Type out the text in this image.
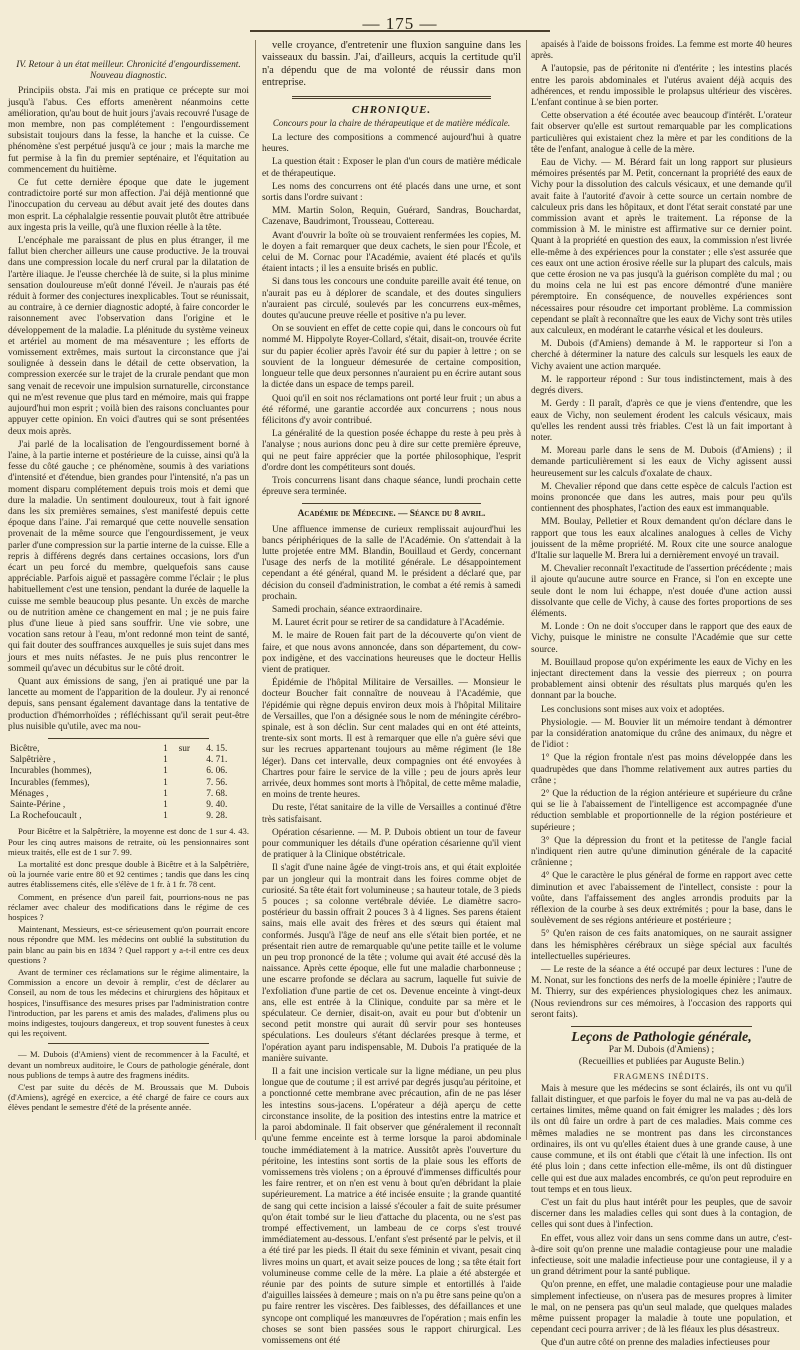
— 175 —

IV. Retour à un état meilleur. Chronicité d'engourdissement. Nouveau diagnostic.

Principiis obsta. J'ai mis en pratique ce précepte sur moi jusqu'à l'abus. Ces efforts amenèrent néanmoins cette amélioration, qu'au bout de huit jours j'avais recouvré l'usage de mon membre, non pas complétement : l'engourdissement subsistait toujours dans la fesse, la hanche et la cuisse. Ce phénomène s'est perpétué jusqu'à ce jour ; mais la marche me fut permise à la fin du premier septénaire, et l'équitation au commencement du huitième.

Ce fut cette dernière époque que date le jugement contradictoire porté sur mon affection. J'ai déjà mentionné que l'inoccupation du cerveau au début avait jeté des doutes dans mon esprit. La céphalalgie ressentie pouvait plutôt être attribuée aux ingesta pris la veille, qu'à une fluxion réelle à la tête.

L'encéphale me paraissant de plus en plus étranger, il me fallut bien chercher ailleurs une cause productive. Je la trouvai dans une compression locale du nerf crural par la dilatation de l'artère iliaque. Je l'eusse cherchée là de suite, si la plus minime sensation douloureuse m'eût donné l'éveil. Je n'aurais pas été réduit à former des conjectures inexplicables. Tout se réunissait, au contraire, à ce dernier diagnostic adopté, à faire concorder le raisonnement avec l'observation dans l'origine et le développement de la maladie. La plénitude du système veineux et artériel au moment de ma mésaventure ; les efforts de vomissement extrêmes, mais surtout la circonstance que j'ai soulignée à dessein dans le détail de cette observation, la compression exercée sur le trajet de la crurale pendant que mon sang venait de recevoir une impulsion surnaturelle, circonstance qui ne m'est revenue que plus tard en mémoire, mais qui frappe aujourd'hui mon esprit ; voilà bien des raisons concluantes pour appuyer cette opinion. En voici d'autres qui se sont présentées deux mois après.

J'ai parlé de la localisation de l'engourdissement borné à l'aine, à la partie interne et postérieure de la cuisse, ainsi qu'à la fesse du côté gauche ; ce phénomène, soumis à des variations d'intensité et d'étendue, bien grandes pour l'intensité, n'a pas un moment disparu complétement depuis trois mois et demi que dure la maladie. Un sentiment douloureux, tout à fait ignoré dans les six premières semaines, s'est manifesté depuis cette époque dans l'aine. J'ai remarqué que cette nouvelle sensation provenait de la même source que l'engourdissement, je veux parler d'une compression sur la partie interne de la cuisse. Elle a repris à différens degrés dans certaines occasions, lors d'un écart un peu forcé du membre, quelquefois sans cause appréciable. Parfois aiguë et passagère comme l'éclair ; le plus habituellement c'est une tension, pendant la durée de laquelle la cuisse me semble beaucoup plus pesante. Un excès de marche ou de nutrition amène ce changement en mal ; je ne puis faire plus d'une lieue à pied sans souffrir. Une vie sobre, une vocation sans retour à l'eau, m'ont redonné mon teint de santé, qui fait douter des souffrances auxquelles je suis sujet dans mes jours et mes nuits néfastes. Je ne puis plus rencontrer le sommeil qu'avec un décubitus sur le côté droit.

Quant aux émissions de sang, j'en ai pratiqué une par la lancette au moment de l'apparition de la douleur. J'y ai renoncé depuis, sans pensant également davantage dans la tentative de production d'hémorrhoïdes ; réfléchissant qu'il serait peut-être plus nuisible qu'utile, avec ma nou-

Bicêtre,	1	sur	4. 15.
Salpêtrière ,	1		4. 71.
Incurables (hommes),	1		6. 06.
Incurables (femmes),	1		7. 56.
Ménages ,	1		7. 68.
Sainte-Périne ,	1		9. 40.
La Rochefoucault ,	1		9. 28.

Pour Bicêtre et la Salpêtrière, la moyenne est donc de 1 sur 4. 43. Pour les cinq autres maisons de retraite, où les pensionnaires sont mieux traités, elle est de 1 sur 7. 99.

La mortalité est donc presque double à Bicêtre et à la Salpêtrière, où la journée varie entre 80 et 92 centimes ; tandis que dans les cinq autres établissemens cités, elle s'élève de 1 fr. à 1 fr. 78 cent.

Comment, en présence d'un pareil fait, pourrions-nous ne pas réclamer avec chaleur des modifications dans le régime de ces hospices ?

Maintenant, Messieurs, est-ce sérieusement qu'on pourrait encore nous répondre que MM. les médecins ont oublié la substitution du pain blanc au pain bis en 1834 ? Quel rapport y a-t-il entre ces deux questions ?

Avant de terminer ces réclamations sur le régime alimentaire, la Commission a encore un devoir à remplir, c'est de déclarer au Conseil, au nom de tous les médecins et chirurgiens des hôpitaux et hospices, l'insuffisance des mesures prises par l'administration contre l'introduction, par les parens et amis des malades, d'alimens plus ou moins indigestes, toujours dangereux, et trop souvent funestes à ceux qui les reçoivent.

— M. Dubois (d'Amiens) vient de recommencer à la Faculté, et devant un nombreux auditoire, le Cours de pathologie générale, dont nous publions de temps à autre des fragmens inédits.

C'est par suite du décès de M. Broussais que M. Dubois (d'Amiens), agrégé en exercice, a été chargé de faire ce cours aux élèves pendant le semestre d'été de la présente année.

velle croyance, d'entretenir une fluxion sanguine dans les vaisseaux du bassin. J'ai, d'ailleurs, acquis la certitude qu'il n'a dépendu que de ma volonté de réussir dans mon entreprise.

CHRONIQUE.
Concours pour la chaire de thérapeutique et de matière médicale.

La lecture des compositions a commencé aujourd'hui à quatre heures.

La question était : Exposer le plan d'un cours de matière médicale et de thérapeutique.

Les noms des concurrens ont été placés dans une urne, et sont sortis dans l'ordre suivant :

MM. Martin Solon, Requin, Guérard, Sandras, Bouchardat, Cazenave, Baudrimont, Trousseau, Cottereau.

Avant d'ouvrir la boîte où se trouvaient renfermées les copies, M. le doyen a fait remarquer que deux cachets, le sien pour l'École, et celui de M. Cornac pour l'Académie, avaient été placés et qu'ils étaient intacts ; il les a ensuite brisés en public.

Si dans tous les concours une conduite pareille avait été tenue, on n'aurait pas eu à déplorer de scandale, et des doutes singuliers n'auraient pas circulé, soulevés par les concurrens eux-mêmes, doutes qu'aucune preuve réelle et positive n'a pu lever.

On se souvient en effet de cette copie qui, dans le concours où fut nommé M. Hippolyte Royer-Collard, s'était, disait-on, trouvée écrite sur du papier écolier après l'avoir été sur du papier à lettre ; on se souvient de la longueur démesurée de certaine composition, longueur telle que deux personnes n'auraient pu en écrire autant sous la dictée dans un espace de temps pareil.

Quoi qu'il en soit nos réclamations ont porté leur fruit ; un abus a été réformé, une garantie accordée aux concurrens ; nous nous félicitons d'y avoir contribué.

La généralité de la question posée échappe du reste à peu près à l'analyse ; nous aurions donc peu à dire sur cette première épreuve, qui ne peut faire apprécier que la portée philosophique, l'esprit d'ordre dont les compétiteurs sont doués.

Trois concurrens lisant dans chaque séance, lundi prochain cette épreuve sera terminée.

Académie de Médecine. — Séance du 8 avril.

Une affluence immense de curieux remplissait aujourd'hui les bancs périphériques de la salle de l'Académie. On s'attendait à la lutte projetée entre MM. Blandin, Bouillaud et Gerdy, concernant l'usage des nerfs de la motilité générale. Le désappointement cependant a été général, quand M. le président a déclaré que, par décision du conseil d'administration, le combat a été remis à samedi prochain.

Samedi prochain, séance extraordinaire.

M. Lauret écrit pour se retirer de sa candidature à l'Académie.

M. le maire de Rouen fait part de la découverte qu'on vient de faire, et que nous avons annoncée, dans son département, du cow-pox indigène, et des vaccinations heureuses que le docteur Hellis vient de pratiquer.

Épidémie de l'hôpital Militaire de Versailles. — Monsieur le docteur Boucher fait connaître de nouveau à l'Académie, que l'épidémie qui règne depuis environ deux mois à l'hôpital Militaire de Versailles, que l'on a désignée sous le nom de méningite cérébro-spinale, est à son déclin. Sur cent malades qui en ont été atteints, trente-six sont morts. Il est à remarquer que elle n'a guère sévi que sur les recrues appartenant toujours au même régiment (le 18e léger). Dans cet intervalle, deux compagnies ont été envoyées à Chartres pour faire le service de la ville ; peu de jours après leur arrivée, deux hommes sont morts à l'hôpital, de cette même maladie, en moins de trente heures.

Du reste, l'état sanitaire de la ville de Versailles a continué d'être très satisfaisant.

Opération césarienne. — M. P. Dubois obtient un tour de faveur pour communiquer les détails d'une opération césarienne qu'il vient de pratiquer à la Clinique obstétricale.

Il s'agit d'une naine âgée de vingt-trois ans, et qui était exploitée par un jongleur qui la montrait dans les foires comme objet de curiosité. Sa tête était fort volumineuse ; sa hauteur totale, de 3 pieds 5 pouces ; sa colonne vertébrale déviée. Le diamètre sacro-postérieur du bassin offrait 2 pouces 3 à 4 lignes. Ses parens étaient sains, mais elle avait des frères et des sœurs qui étaient mal conformés. Jusqu'à l'âge de neuf ans elle s'était bien portée, et ne présentait rien autre de remarquable qu'une petite taille et le volume un peu trop prononcé de la tête ; volume qui avait été accusé dès la naissance. Après cette époque, elle fut une maladie charbonneuse ; une escarre profonde se déclara au sacrum, laquelle fut suivie de l'exfoliation d'une partie de cet os. Devenue enceinte à vingt-deux ans, elle est entrée à la Clinique, conduite par sa mère et le spéculateur. Ce dernier, disait-on, avait eu pour but d'obtenir un second petit monstre qui aurait dû servir pour ses honteuses spéculations. Les douleurs s'étant déclarées presque à terme, et l'opération ayant paru indispensable, M. Dubois l'a pratiquée de la manière suivante.

Il a fait une incision verticale sur la ligne médiane, un peu plus longue que de coutume ; il est arrivé par degrés jusqu'au péritoine, et a ponctionné cette membrane avec précaution, afin de ne pas léser les intestins sous-jacens. L'opérateur a déjà aperçu de cette circonstance insolite, de la position des intestins entre la matrice et la paroi abdominale. Il fait observer que généralement il reconnaît qu'une femme enceinte est à terme lorsque la paroi abdominale touche immédiatement à la matrice. Aussitôt après l'ouverture du péritoine, les intestins sont sortis de la plaie sous les efforts de vomissemens très violens ; on a éprouvé d'immenses difficultés pour les faire rentrer, et on n'en est venu à bout qu'en débridant la plaie supérieurement. La matrice a été incisée ensuite ; la grande quantité de sang qui cette incision a laissé s'écouler a fait de suite présumer qu'on était tombé sur le lieu d'attache du placenta, ou ne s'est pas trompé effectivement, un lambeau de ce corps s'est trouvé immédiatement au-dessous. L'enfant s'est présenté par le pelvis, et il a été tiré par les pieds. Il était du sexe féminin et vivant, pesait cinq livres moins un quart, et avait seize pouces de long ; sa tête était fort volumineuse comme celle de la mère. La plaie a été abstergée et réunie par des points de suture simple et entortillés à l'aide d'aiguilles laissées à demeure ; mais on n'a pu être sans peine qu'on a pu faire rentrer les viscères. Des faiblesses, des défaillances et une syncope ont compliqué les manœuvres de l'opération ; mais enfin les choses se sont bien passées sous le rapport chirurgical. Les vomissemens ont été

apaisés à l'aide de boissons froides. La femme est morte 40 heures après.

A l'autopsie, pas de péritonite ni d'entérite ; les intestins placés entre les parois abdominales et l'utérus avaient déjà acquis des adhérences, et rendu impossible le prolapsus ultérieur des viscères. L'enfant continue à se bien porter.

Cette observation a été écoutée avec beaucoup d'intérêt. L'orateur fait observer qu'elle est surtout remarquable par les complications particulières qui existaient chez la mère et par les conditions de la tête de l'enfant, analogue à celle de la mère.

Eau de Vichy. — M. Bérard fait un long rapport sur plusieurs mémoires présentés par M. Petit, concernant la propriété des eaux de Vichy pour la dissolution des calculs vésicaux, et une demande qu'il avait faite à l'autorité d'avoir à cette source un certain nombre de calculeux pris dans les hôpitaux, et dont l'état serait constaté par une commission avant et après le traitement. La réponse de la commission à M. le ministre est affirmative sur ce dernier point. Quant à la propriété en question des eaux, la commission n'est livrée elle-même à des expériences pour la constater ; elle s'est assurée que ces eaux ont une action érosive réelle sur la plupart des calculs, mais que cette érosion ne va pas jusqu'à la guérison complète du mal ; ou du moins cela ne lui est pas encore démontré d'une manière péremptoire. En conséquence, de nouvelles expériences sont nécessaires pour résoudre cet important problème. La commission cependant se plaît à reconnaître que les eaux de Vichy sont très utiles aux calculeux, en modérant le catarrhe vésical et les douleurs.

M. Dubois (d'Amiens) demande à M. le rapporteur si l'on a cherché à déterminer la nature des calculs sur lesquels les eaux de Vichy avaient une action marquée.

M. le rapporteur répond : Sur tous indistinctement, mais à des degrés divers.

M. Gerdy : Il paraît, d'après ce que je viens d'entendre, que les eaux de Vichy, non seulement érodent les calculs vésicaux, mais qu'elles les rendent aussi très friables. C'est là un fait important à noter.

M. Moreau parle dans le sens de M. Dubois (d'Amiens) ; il demande particulièrement si les eaux de Vichy agissent aussi heureusement sur les calculs d'oxalate de chaux.

M. Chevalier répond que dans cette espèce de calculs l'action est moins prononcée que dans les autres, mais pour peu qu'ils contiennent des phosphates, l'action des eaux est immanquable.

MM. Boulay, Pelletier et Roux demandent qu'on déclare dans le rapport que tous les eaux alcalines analogues à celles de Vichy jouissent de la même propriété. M. Roux cite une source analogue d'Italie sur laquelle M. Brera lui a dernièrement envoyé un travail.

M. Chevalier reconnaît l'exactitude de l'assertion précédente ; mais il ajoute qu'aucune autre source en France, si l'on en excepte une seule dont le nom lui échappe, n'est douée d'une action aussi dissolvante que celle de Vichy, à cause des fortes proportions de ses éléments.

M. Londe : On ne doit s'occuper dans le rapport que des eaux de Vichy, puisque le ministre ne consulte l'Académie que sur cette source.

M. Bouillaud propose qu'on expérimente les eaux de Vichy en les injectant directement dans la vessie des pierreux ; on pourra probablement ainsi obtenir des résultats plus marqués qu'en les donnant par la bouche.

Les conclusions sont mises aux voix et adoptées.

Physiologie. — M. Bouvier lit un mémoire tendant à démontrer par la considération anatomique du crâne des animaux, du nègre et de l'idiot :

1° Que la région frontale n'est pas moins développée dans les quadrupèdes que dans l'homme relativement aux autres parties du crâne ;

2° Que la réduction de la région antérieure et supérieure du crâne qui se lie à l'abaissement de l'intelligence est accompagnée d'une réduction semblable et proportionnelle de la région postérieure et supérieure ;

3° Que la dépression du front et la petitesse de l'angle facial n'indiquent rien autre qu'une diminution générale de la capacité crânienne ;

4° Que le caractère le plus général de forme en rapport avec cette diminution et avec l'abaissement de l'intellect, consiste : pour la voûte, dans l'affaissement des angles arrondis produits par la réflexion de la courbe à ses deux extrémités ; pour la base, dans le soulèvement de ses régions antérieure et postérieure ;

5° Qu'en raison de ces faits anatomiques, on ne saurait assigner dans les hémisphères cérébraux un siège spécial aux facultés intellectuelles supérieures.

— Le reste de la séance a été occupé par deux lectures : l'une de M. Nonat, sur les fonctions des nerfs de la moelle épinière ; l'autre de M. Thierry, sur des expériences physiologiques chez les animaux. (Nous reviendrons sur ces mémoires, à l'occasion des rapports qui seront faits).

Leçons de Pathologie générale,
Par M. Dubois (d'Amiens) ;
(Recueillies et publiées par Auguste Belin.)
FRAGMENS INÉDITS.

Mais à mesure que les médecins se sont éclairés, ils ont vu qu'il fallait distinguer, et que parfois le foyer du mal ne va pas au-delà de certaines limites, même quand on fait émigrer les malades ; dès lors ils ont dû faire un ordre à part de ces maladies. Mais comme ces mêmes maladies ne se montrent pas dans les circonstances ordinaires, ils ont vu qu'elles étaient dues à une grande cause, à une cause commune, et ils ont établi que c'était là une infection. Ils ont été plus loin ; dans cette infection elle-même, ils ont dû distinguer celle qui est due aux malades encombrés, ce qu'on peut reproduire en tout temps et en tous lieux.

C'est un fait du plus haut intérêt pour les peuples, que de savoir discerner dans les maladies celles qui sont dues à la contagion, de celles qui sont dues à l'infection.

En effet, vous allez voir dans un sens comme dans un autre, c'est-à-dire soit qu'on prenne une maladie contagieuse pour une maladie infectieuse, soit une maladie infectieuse pour une contagieuse, il y a un grand détriment pour la santé publique.

Qu'on prenne, en effet, une maladie contagieuse pour une maladie simplement infectieuse, on n'usera pas de mesures propres à limiter le mal, on ne pensera pas qu'un seul malade, que quelques malades même puissent propager la maladie à toute une population, et cependant ceci pourra arriver ; de là les fléaux les plus désastreux.

Que d'un autre côté on prenne des maladies infectieuses pour
